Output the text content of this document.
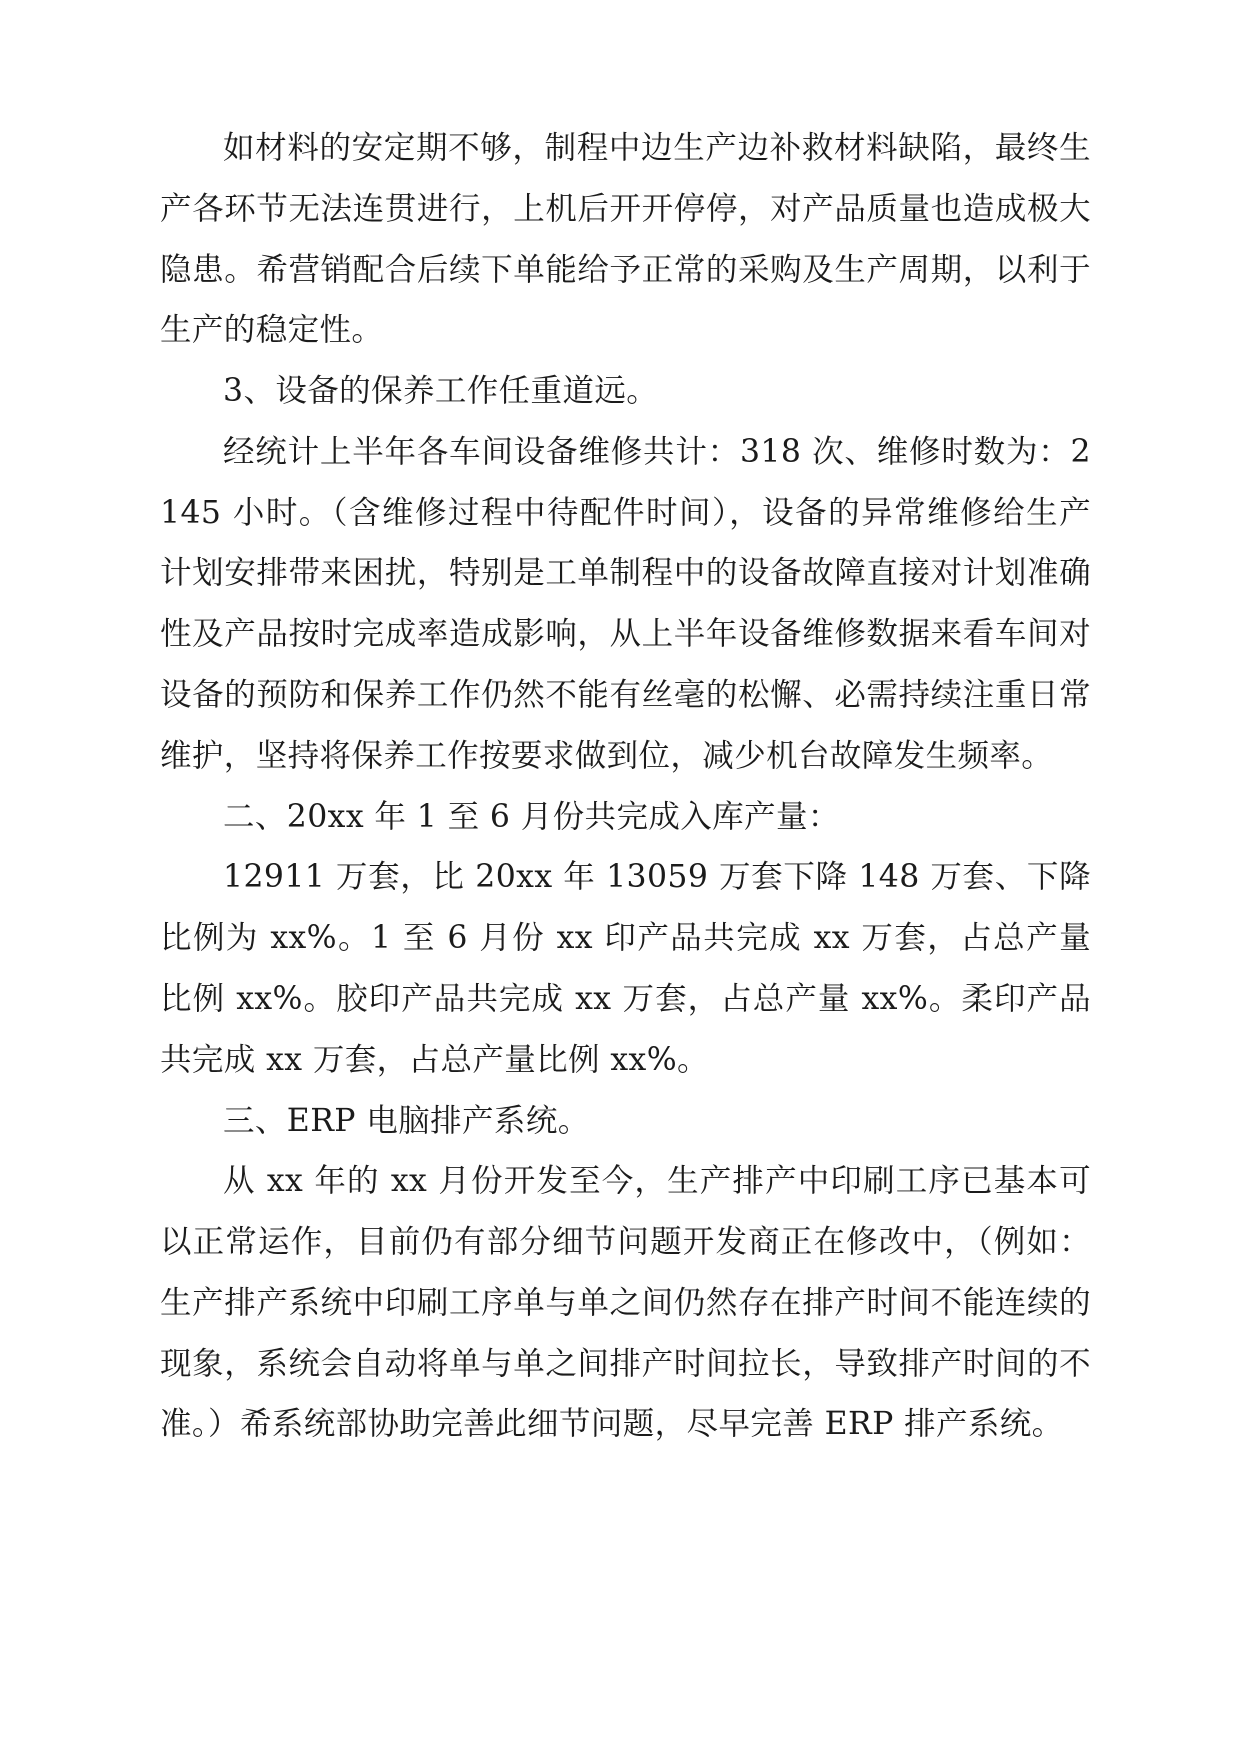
如材料的安定期不够，制程中边生产边补救材料缺陷，最终生产各环节无法连贯进行，上机后开开停停，对产品质量也造成极大隐患。希营销配合后续下单能给予正常的采购及生产周期，以利于生产的稳定性。

3、设备的保养工作任重道远。

经统计上半年各车间设备维修共计：318 次、维修时数为：2145 小时。（含维修过程中待配件时间），设备的异常维修给生产计划安排带来困扰，特别是工单制程中的设备故障直接对计划准确性及产品按时完成率造成影响，从上半年设备维修数据来看车间对设备的预防和保养工作仍然不能有丝毫的松懈、必需持续注重日常维护，坚持将保养工作按要求做到位，减少机台故障发生频率。

二、20xx 年 1 至 6 月份共完成入库产量：

12911 万套，比 20xx 年 13059 万套下降 148 万套、下降比例为 xx%。1 至 6 月份 xx 印产品共完成 xx 万套，占总产量比例 xx%。胶印产品共完成 xx 万套，占总产量 xx%。柔印产品共完成 xx 万套，占总产量比例 xx%。

三、ERP 电脑排产系统。

从 xx 年的 xx 月份开发至今，生产排产中印刷工序已基本可以正常运作，目前仍有部分细节问题开发商正在修改中，（例如：生产排产系统中印刷工序单与单之间仍然存在排产时间不能连续的现象，系统会自动将单与单之间排产时间拉长，导致排产时间的不准。）希系统部协助完善此细节问题，尽早完善 ERP 排产系统。
